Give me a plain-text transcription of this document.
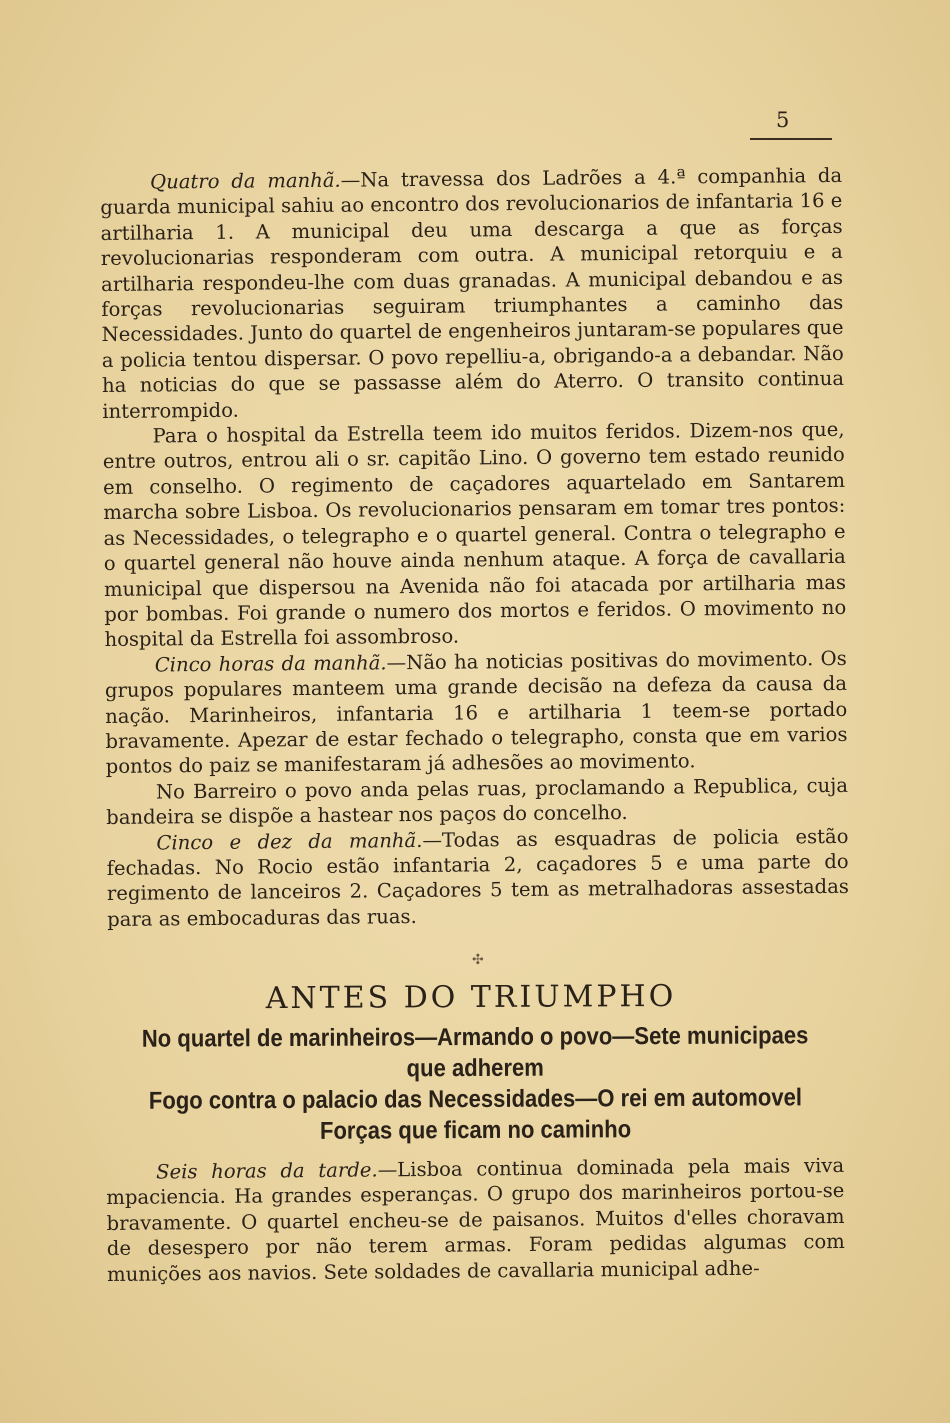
5

Quatro da manhã.—Na travessa dos Ladrões a 4.ª companhia da guarda municipal sahiu ao encontro dos revolucionarios de infantaria 16 e artilharia 1. A municipal deu uma descarga a que as forças revolucionarias responderam com outra. A municipal retorquiu e a artilharia respondeu-lhe com duas granadas. A municipal debandou e as forças revolucionarias seguiram triumphantes a caminho das Necessidades. Junto do quartel de engenheiros juntaram-se populares que a policia tentou dispersar. O povo repelliu-a, obrigando-a a debandar. Não ha noticias do que se passasse além do Aterro. O transito continua interrompido.

Para o hospital da Estrella teem ido muitos feridos. Dizem-nos que, entre outros, entrou ali o sr. capitão Lino. O governo tem estado reunido em conselho. O regimento de caçadores aquartelado em Santarem marcha sobre Lisboa. Os revolucionarios pensaram em tomar tres pontos: as Necessidades, o telegrapho e o quartel general. Contra o telegrapho e o quartel general não houve ainda nenhum ataque. A força de cavallaria municipal que dispersou na Avenida não foi atacada por artilharia mas por bombas. Foi grande o numero dos mortos e feridos. O movimento no hospital da Estrella foi assombroso.

Cinco horas da manhã.—Não ha noticias positivas do movimento. Os grupos populares manteem uma grande decisão na defeza da causa da nação. Marinheiros, infantaria 16 e artilharia 1 teem-se portado bravamente. Apezar de estar fechado o telegrapho, consta que em varios pontos do paiz se manifestaram já adhesões ao movimento.

No Barreiro o povo anda pelas ruas, proclamando a Republica, cuja bandeira se dispõe a hastear nos paços do concelho.

Cinco e dez da manhã.—Todas as esquadras de policia estão fechadas. No Rocio estão infantaria 2, caçadores 5 e uma parte do regimento de lanceiros 2. Caçadores 5 tem as metralhadoras assestadas para as embocaduras das ruas.

✣
ANTES DO TRIUMPHO
No quartel de marinheiros—Armando o povo—Sete municipaes
que adherem
Fogo contra o palacio das Necessidades—O rei em automovel
Forças que ficam no caminho

Seis horas da tarde.—Lisboa continua dominada pela mais viva mpaciencia. Ha grandes esperanças. O grupo dos marinheiros portou-se bravamente. O quartel encheu-se de paisanos. Muitos d'elles choravam de desespero por não terem armas. Foram pedidas algumas com munições aos navios. Sete soldades de cavallaria municipal adhe-
